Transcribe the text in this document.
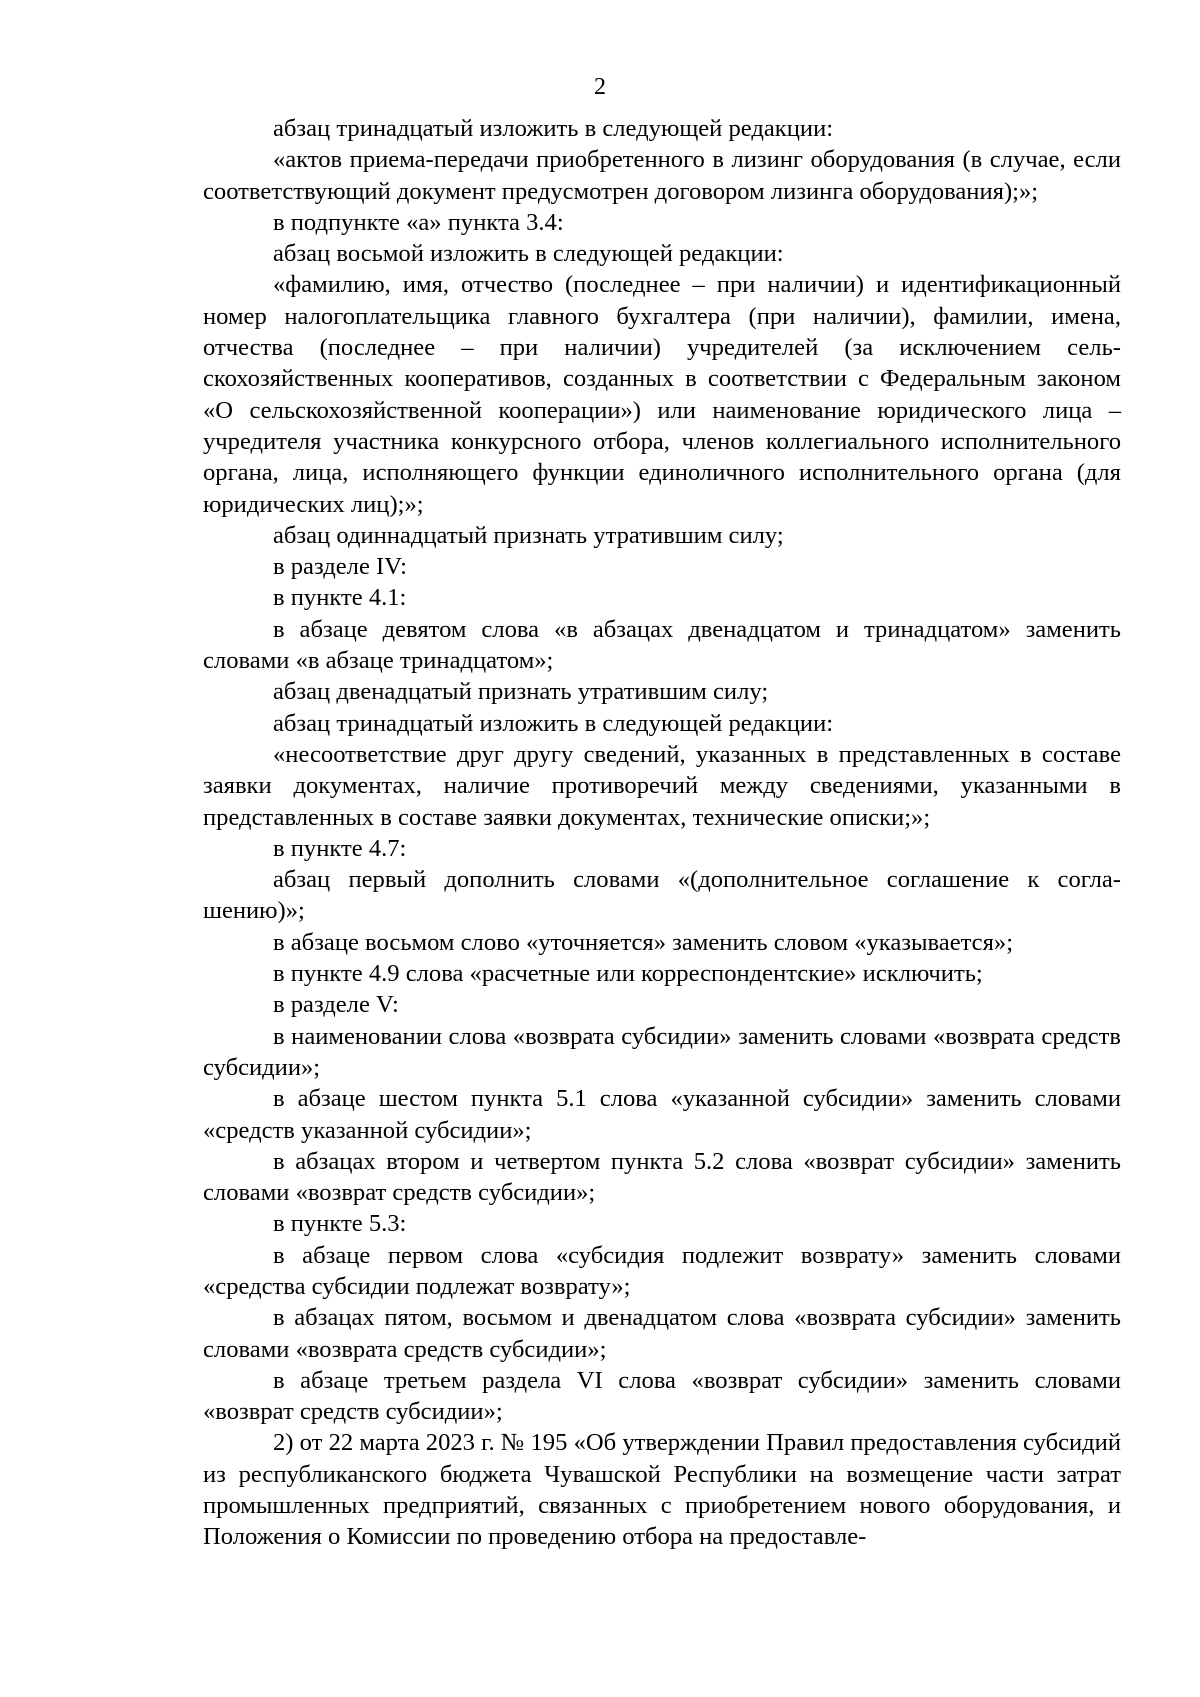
2

абзац тринадцатый изложить в следующей редакции:

«актов приема-передачи приобретенного в лизинг оборудования (в случае, если соответствующий документ предусмотрен договором лизинга оборудования);»;

в подпункте «а» пункта 3.4:

абзац восьмой изложить в следующей редакции:

«фамилию, имя, отчество (последнее – при наличии) и идентификационный номер налогоплательщика главного бухгалтера (при наличии), фамилии, имена, отчества (последнее – при наличии) учредителей (за исключением сельскохозяйственных кооперативов, созданных в соответствии с Федеральным законом «О сельскохозяйственной кооперации») или наименование юридического лица – учредителя участника конкурсного отбора, членов коллегиального исполнительного органа, лица, исполняющего функции единоличного исполнительного органа (для юридических лиц);»;

абзац одиннадцатый признать утратившим силу;

в разделе IV:

в пункте 4.1:

в абзаце девятом слова «в абзацах двенадцатом и тринадцатом» заменить словами «в абзаце тринадцатом»;

абзац двенадцатый признать утратившим силу;

абзац тринадцатый изложить в следующей редакции:

«несоответствие друг другу сведений, указанных в представленных в составе заявки документах, наличие противоречий между сведениями, указанными в представленных в составе заявки документах, технические описки;»;

в пункте 4.7:

абзац первый дополнить словами «(дополнительное соглашение к соглашению)»;

в абзаце восьмом слово «уточняется» заменить словом «указывается»;

в пункте 4.9 слова «расчетные или корреспондентские» исключить;

в разделе V:

в наименовании слова «возврата субсидии» заменить словами «возврата средств субсидии»;

в абзаце шестом пункта 5.1 слова «указанной субсидии» заменить словами «средств указанной субсидии»;

в абзацах втором и четвертом пункта 5.2 слова «возврат субсидии» заменить словами «возврат средств субсидии»;

в пункте 5.3:

в абзаце первом слова «субсидия подлежит возврату» заменить словами «средства субсидии подлежат возврату»;

в абзацах пятом, восьмом и двенадцатом слова «возврата субсидии» заменить словами «возврата средств субсидии»;

в абзаце третьем раздела VI слова «возврат субсидии» заменить словами «возврат средств субсидии»;

2) от 22 марта 2023 г. № 195 «Об утверждении Правил предоставления субсидий из республиканского бюджета Чувашской Республики на возмещение части затрат промышленных предприятий, связанных с приобретением нового оборудования, и Положения о Комиссии по проведению отбора на предоставле-
